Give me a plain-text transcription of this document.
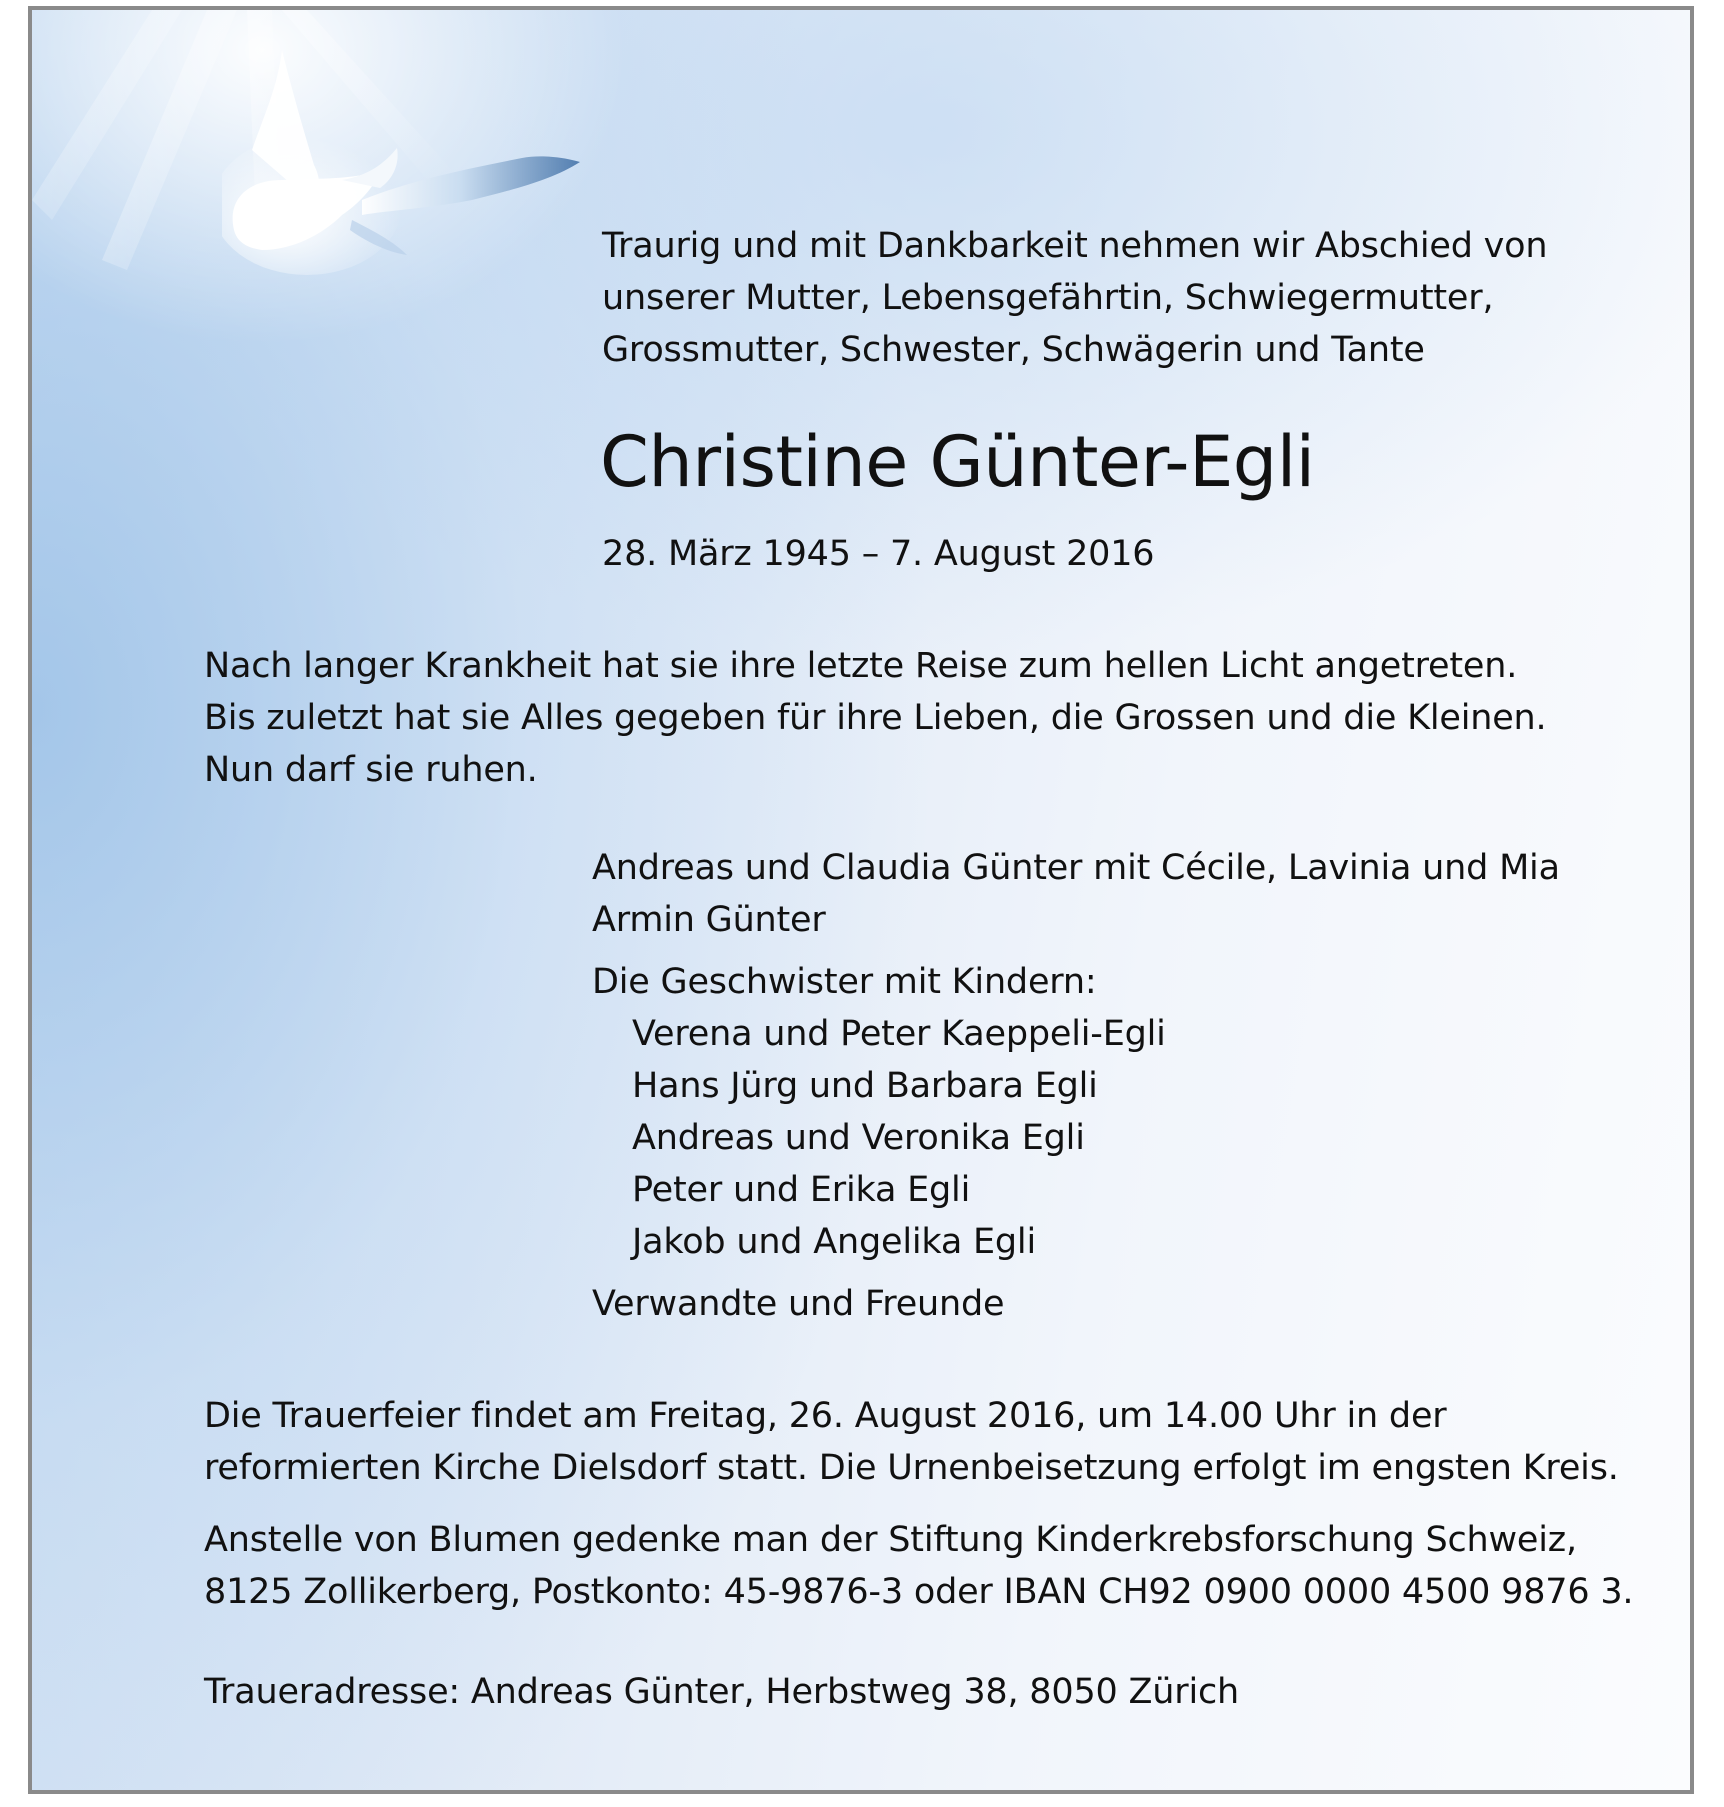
Traurig und mit Dankbarkeit nehmen wir Abschied von
unserer Mutter, Lebensgefährtin, Schwiegermutter,
Grossmutter, Schwester, Schwägerin und Tante
Christine Günter-Egli
28. März 1945 – 7. August 2016
Nach langer Krankheit hat sie ihre letzte Reise zum hellen Licht angetreten.
Bis zuletzt hat sie Alles gegeben für ihre Lieben, die Grossen und die Kleinen.
Nun darf sie ruhen.
Andreas und Claudia Günter mit Cécile, Lavinia und Mia
Armin Günter
Die Geschwister mit Kindern:
Verena und Peter Kaeppeli-Egli
Hans Jürg und Barbara Egli
Andreas und Veronika Egli
Peter und Erika Egli
Jakob und Angelika Egli
Verwandte und Freunde
Die Trauerfeier findet am Freitag, 26. August 2016, um 14.00 Uhr in der
reformierten Kirche Dielsdorf statt. Die Urnenbeisetzung erfolgt im engsten Kreis.
Anstelle von Blumen gedenke man der Stiftung Kinderkrebsforschung Schweiz,
8125 Zollikerberg, Postkonto: 45-9876-3 oder IBAN CH92 0900 0000 4500 9876 3.
Traueradresse: Andreas Günter, Herbstweg 38, 8050 Zürich
